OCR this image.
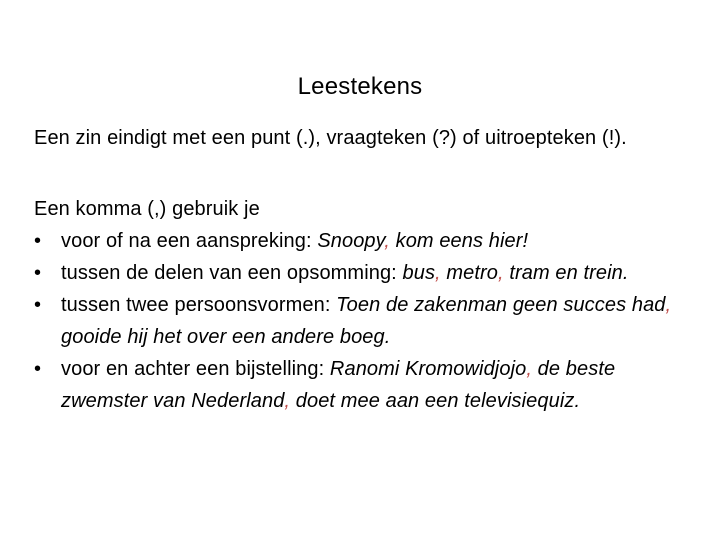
Leestekens

Een zin eindigt met een punt (.), vraagteken (?) of uitroepteken (!).

Een komma (,) gebruik je

• voor of na een aanspreking: Snoopy, kom eens hier!
• tussen de delen van een opsomming: bus, metro, tram en trein.
• tussen twee persoonsvormen: Toen de zakenman geen succes had, gooide hij het over een andere boeg.
• voor en achter een bijstelling: Ranomi Kromowidjojo, de beste zwemster van Nederland, doet mee aan een televisiequiz.
